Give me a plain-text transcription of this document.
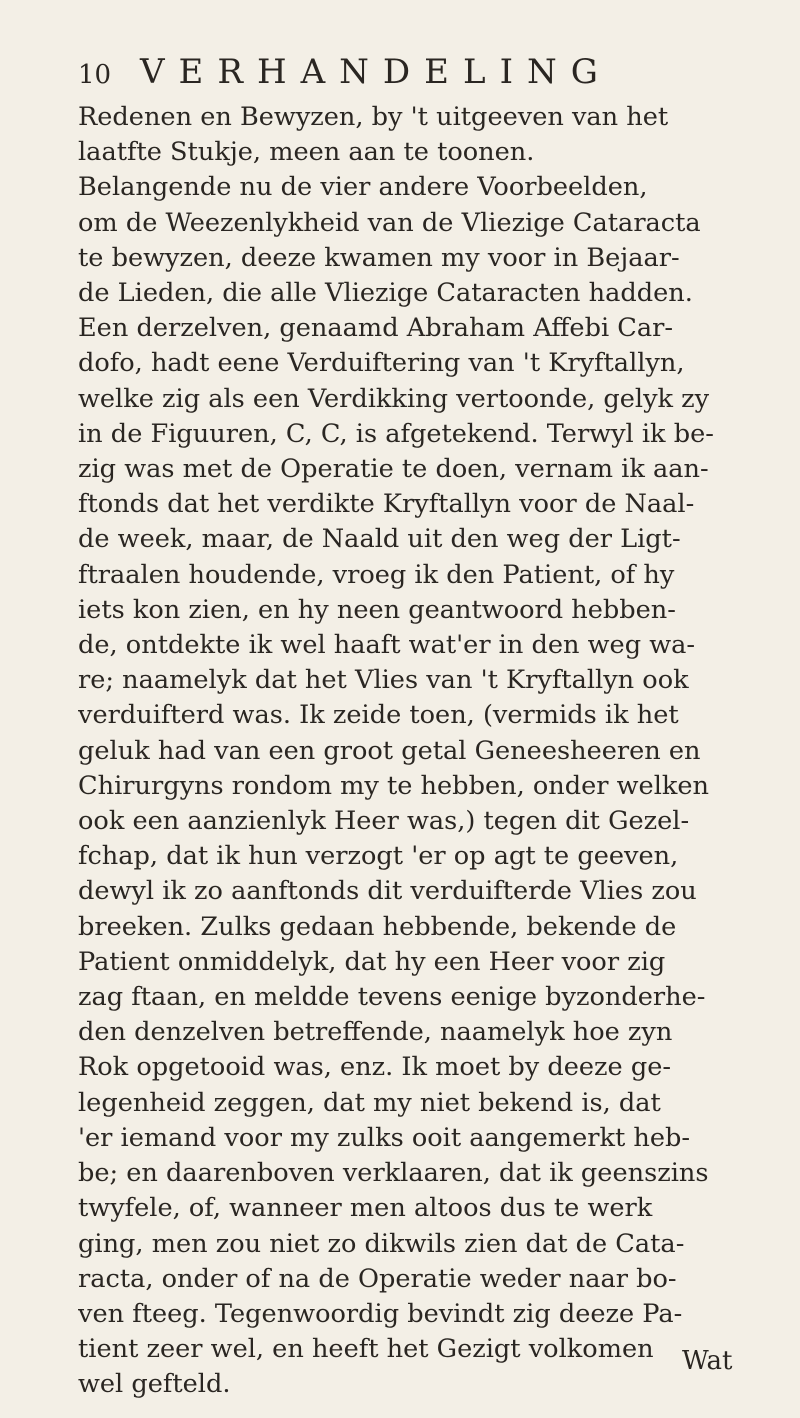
10 VERHANDELING
Redenen en Bewyzen, by 't uitgeeven van het
laatfte Stukje, meen aan te toonen.
Belangende nu de vier andere Voorbeelden,
om de Weezenlykheid van de Vliezige Cataracta
te bewyzen, deeze kwamen my voor in Bejaar-
de Lieden, die alle Vliezige Cataracten hadden.
Een derzelven, genaamd Abraham Affebi Car-
dofo, hadt eene Verduiftering van 't Kryftallyn,
welke zig als een Verdikking vertoonde, gelyk zy
in de Figuuren, C, C, is afgetekend. Terwyl ik be-
zig was met de Operatie te doen, vernam ik aan-
ftonds dat het verdikte Kryftallyn voor de Naal-
de week, maar, de Naald uit den weg der Ligt-
ftraalen houdende, vroeg ik den Patient, of hy
iets kon zien, en hy neen geantwoord hebben-
de, ontdekte ik wel haaft wat'er in den weg wa-
re; naamelyk dat het Vlies van 't Kryftallyn ook
verduifterd was. Ik zeide toen, (vermids ik het
geluk had van een groot getal Geneesheeren en
Chirurgyns rondom my te hebben, onder welken
ook een aanzienlyk Heer was,) tegen dit Gezel-
fchap, dat ik hun verzogt 'er op agt te geeven,
dewyl ik zo aanftonds dit verduifterde Vlies zou
breeken. Zulks gedaan hebbende, bekende de
Patient onmiddelyk, dat hy een Heer voor zig
zag ftaan, en meldde tevens eenige byzonderhe-
den denzelven betreffende, naamelyk hoe zyn
Rok opgetooid was, enz. Ik moet by deeze ge-
legenheid zeggen, dat my niet bekend is, dat
'er iemand voor my zulks ooit aangemerkt heb-
be; en daarenboven verklaaren, dat ik geenszins
twyfele, of, wanneer men altoos dus te werk
ging, men zou niet zo dikwils zien dat de Cata-
racta, onder of na de Operatie weder naar bo-
ven fteeg. Tegenwoordig bevindt zig deeze Pa-
tient zeer wel, en heeft het Gezigt volkomen
wel gefteld.
Wat
